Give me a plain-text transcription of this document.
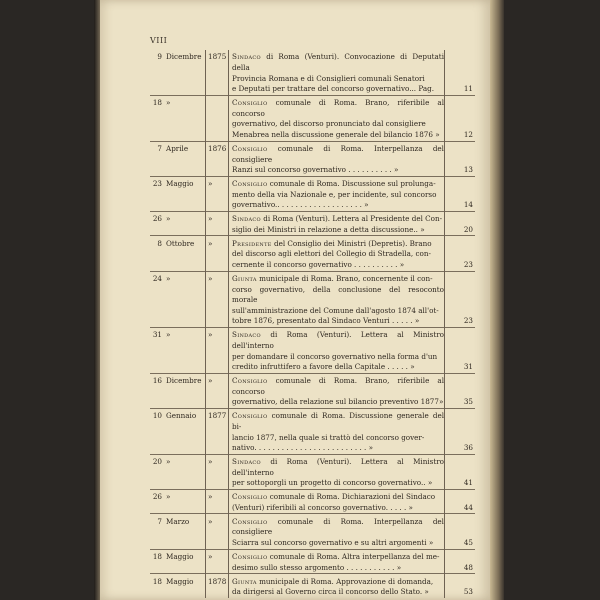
VIII
9 Dicembre	1875	Sindaco di Roma (Venturi). Convocazione di Deputati della
Provincia Romana e di Consiglieri comunali Senatori
e Deputati per trattare del concorso governativo... Pag.	11

18 »		Consiglio comunale di Roma. Brano, riferibile al concorso
governativo, del discorso pronunciato dal consigliere
Menabrea nella discussione generale del bilancio 1876 »	12

7 Aprile	1876	Consiglio comunale di Roma. Interpellanza del consigliere
Ranzi sul concorso governativo . . . . . . . . . . »	13

23 Maggio	»	Consiglio comunale di Roma. Discussione sul prolunga-
mento della via Nazionale e, per incidente, sul concorso
governativo.. . . . . . . . . . . . . . . . . . . »	14

26 »	»	Sindaco di Roma (Venturi). Lettera al Presidente del Con-
siglio dei Ministri in relazione a detta discussione.. »	20

8 Ottobre	»	Presidente del Consiglio dei Ministri (Depretis). Brano
del discorso agli elettori del Collegio di Stradella, con-
cernente il concorso governativo . . . . . . . . . . »	23

24 »	»	Giunta municipale di Roma. Brano, concernente il con-
corso governativo, della conclusione del resoconto morale
sull'amministrazione del Comune dall'agosto 1874 all'ot-
tobre 1876, presentato dal Sindaco Venturi . . . . . »	23

31 »	»	Sindaco di Roma (Venturi). Lettera al Ministro dell'interno
per domandare il concorso governativo nella forma d'un
credito infruttifero a favore della Capitale . . . . . »	31

16 Dicembre	»	Consiglio comunale di Roma. Brano, riferibile al concorso
governativo, della relazione sul bilancio preventivo 1877»	35

10 Gennaio	1877	Consiglio comunale di Roma. Discussione generale del bi-
lancio 1877, nella quale si trattò del concorso gover-
nativo. . . . . . . . . . . . . . . . . . . . . . . . . »	36

20 »	»	Sindaco di Roma (Venturi). Lettera al Ministro dell'interno
per sottoporgli un progetto di concorso governativo.. »	41

26 »	»	Consiglio comunale di Roma. Dichiarazioni del Sindaco
(Venturi) riferibili al concorso governativo. . . . . »	44

7 Marzo	»	Consiglio comunale di Roma. Interpellanza del consigliere
Sciarra sul concorso governativo e su altri argomenti »	45

18 Maggio	»	Consiglio comunale di Roma. Altra interpellanza del me-
desimo sullo stesso argomento . . . . . . . . . . . »	48

18 Maggio	1878	Giunta municipale di Roma. Approvazione di domanda,
da dirigersi al Governo circa il concorso dello Stato. »	53
